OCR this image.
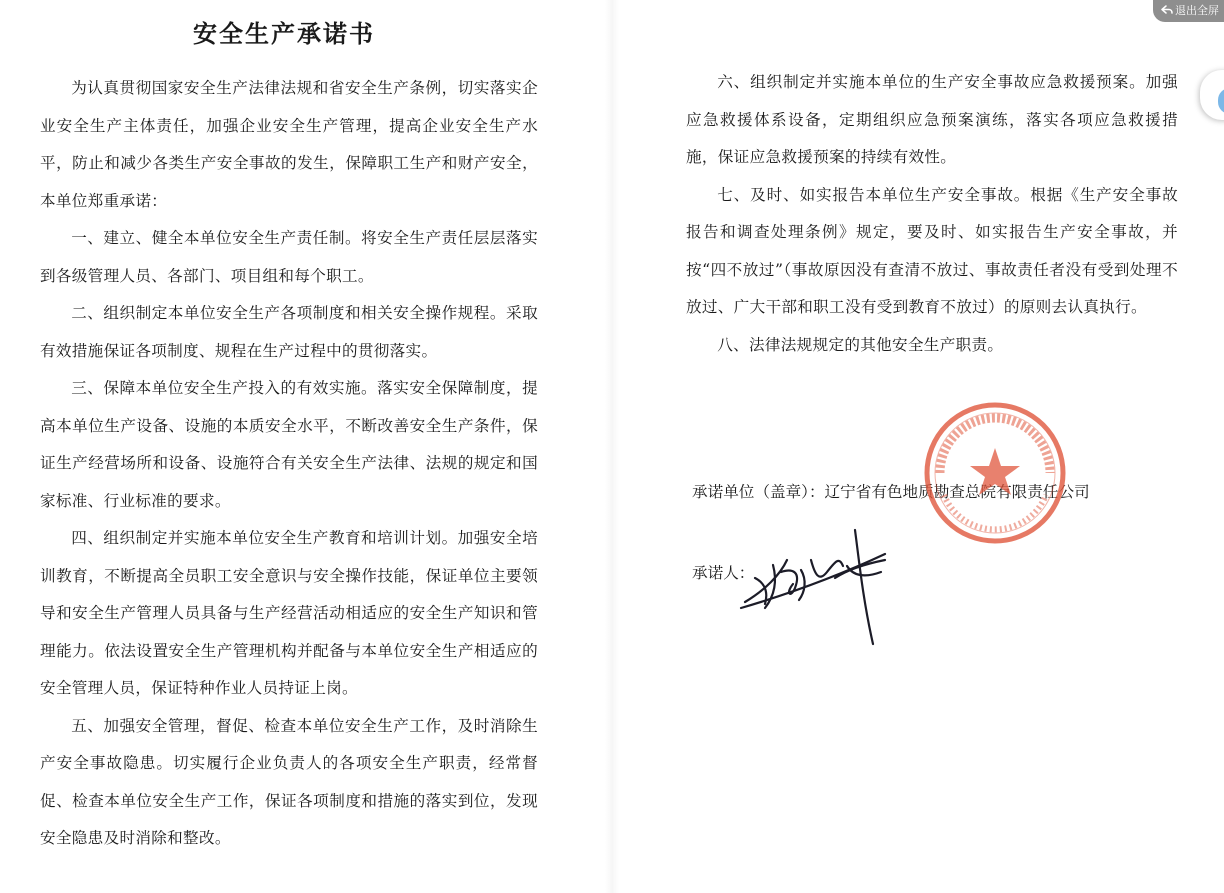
安全生产承诺书

为认真贯彻国家安全生产法律法规和省安全生产条例，切实落实企业安全生产主体责任，加强企业安全生产管理，提高企业安全生产水平，防止和减少各类生产安全事故的发生，保障职工生产和财产安全，本单位郑重承诺：

一、建立、健全本单位安全生产责任制。将安全生产责任层层落实到各级管理人员、各部门、项目组和每个职工。

二、组织制定本单位安全生产各项制度和相关安全操作规程。采取有效措施保证各项制度、规程在生产过程中的贯彻落实。

三、保障本单位安全生产投入的有效实施。落实安全保障制度，提高本单位生产设备、设施的本质安全水平，不断改善安全生产条件，保证生产经营场所和设备、设施符合有关安全生产法律、法规的规定和国家标准、行业标准的要求。

四、组织制定并实施本单位安全生产教育和培训计划。加强安全培训教育，不断提高全员职工安全意识与安全操作技能，保证单位主要领导和安全生产管理人员具备与生产经营活动相适应的安全生产知识和管理能力。依法设置安全生产管理机构并配备与本单位安全生产相适应的安全管理人员，保证特种作业人员持证上岗。

五、加强安全管理，督促、检查本单位安全生产工作，及时消除生产安全事故隐患。切实履行企业负责人的各项安全生产职责，经常督促、检查本单位安全生产工作，保证各项制度和措施的落实到位，发现安全隐患及时消除和整改。

六、组织制定并实施本单位的生产安全事故应急救援预案。加强应急救援体系设备，定期组织应急预案演练，落实各项应急救援措施，保证应急救援预案的持续有效性。

七、及时、如实报告本单位生产安全事故。根据《生产安全事故报告和调查处理条例》规定，要及时、如实报告生产安全事故，并按“四不放过”（事故原因没有查清不放过、事故责任者没有受到处理不放过、广大干部和职工没有受到教育不放过）的原则去认真执行。

八、法律法规规定的其他安全生产职责。

承诺单位（盖章）：辽宁省有色地质勘查总院有限责任公司
承诺人：
退出全屏
